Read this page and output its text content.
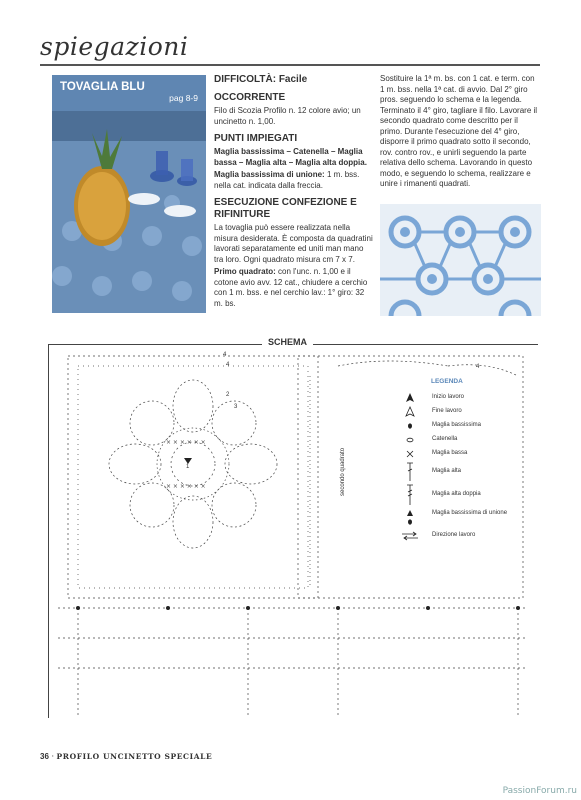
spiegazioni
TOVAGLIA BLU
pag 8-9
DIFFICOLTÀ: Facile
OCCORRENTE
Filo di Scozia Profilo n. 12 colore avio; un uncinetto n. 1,00.
PUNTI IMPIEGATI
Maglia bassissima – Catenella – Maglia bassa – Maglia alta – Maglia alta doppia.
Maglia bassissima di unione: 1 m. bss. nella cat. indicata dalla freccia.
ESECUZIONE CONFEZIONE E RIFINITURE
La tovaglia può essere realizzata nella misura desiderata. È composta da quadratini lavorati separatamente ed uniti man mano tra loro. Ogni quadrato misura cm 7 x 7.
Primo quadrato: con l'unc. n. 1,00 e il cotone avio avv. 12 cat., chiudere a cerchio con 1 m. bss. e nel cerchio lav.: 1° giro: 32 m. bs.
Sostituire la 1ª m. bs. con 1 cat. e term. con 1 m. bss. nella 1ª cat. di avvio. Dal 2° giro pros. seguendo lo schema e la legenda. Terminato il 4° giro, tagliare il filo. Lavorare il secondo quadrato come descritto per il primo. Durante l'esecuzione del 4° giro, disporre il primo quadrato sotto il secondo, rov. contro rov., e unirli seguendo la parte relativa dello schema. Lavorando in questo modo, e seguendo lo schema, realizzare e unire i rimanenti quadrati.
SCHEMA
× × × × × ×
× × × × × ×
1
2
3
4
secondo quadrato
4
4
LEGENDA
Inizio lavoro
Fine lavoro
Maglia bassissima
Catenella
Maglia bassa
Maglia alta
Maglia alta doppia
Maglia bassissima di unione
Direzione lavoro
36 · PROFILO UNCINETTO SPECIALE
PassionForum.ru
